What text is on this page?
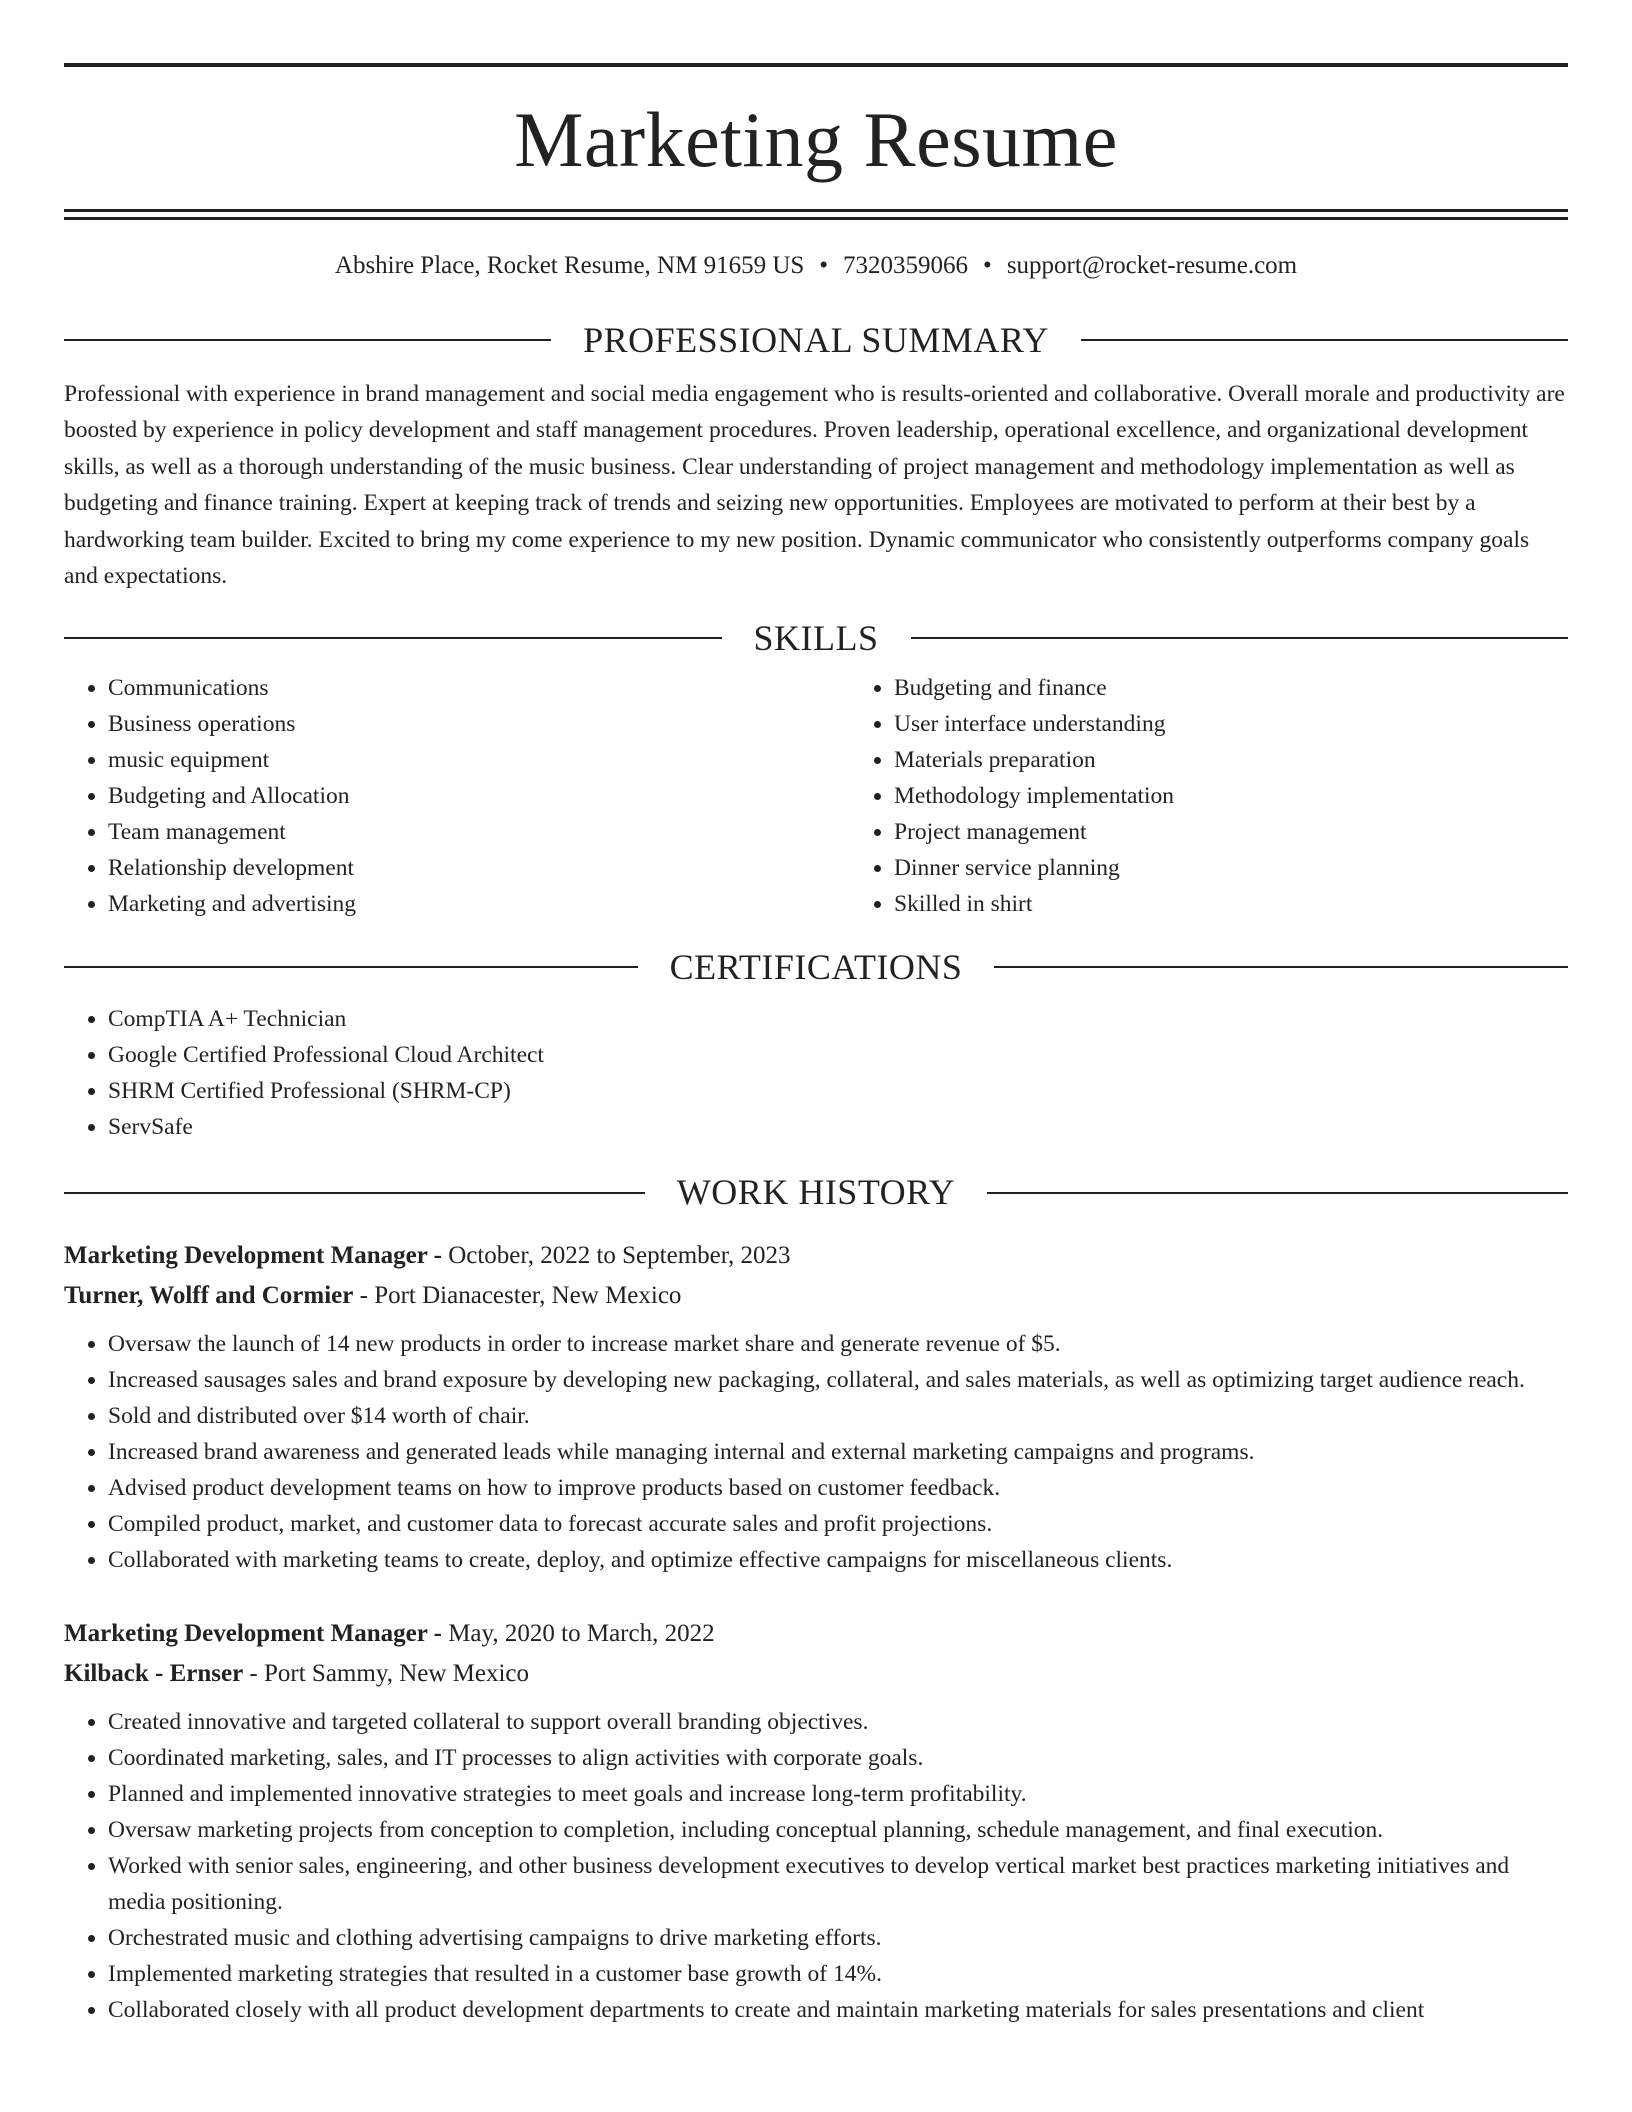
Marketing Resume
Abshire Place, Rocket Resume, NM 91659 US • 7320359066 • support@rocket-resume.com
PROFESSIONAL SUMMARY

Professional with experience in brand management and social media engagement who is results-oriented and collaborative. Overall morale and productivity are boosted by experience in policy development and staff management procedures. Proven leadership, operational excellence, and organizational development skills, as well as a thorough understanding of the music business. Clear understanding of project management and methodology implementation as well as budgeting and finance training. Expert at keeping track of trends and seizing new opportunities. Employees are motivated to perform at their best by a hardworking team builder. Excited to bring my come experience to my new position. Dynamic communicator who consistently outperforms company goals and expectations.

SKILLS
• Communications
• Business operations
• music equipment
• Budgeting and Allocation
• Team management
• Relationship development
• Marketing and advertising
• Budgeting and finance
• User interface understanding
• Materials preparation
• Methodology implementation
• Project management
• Dinner service planning
• Skilled in shirt
CERTIFICATIONS
• CompTIA A+ Technician
• Google Certified Professional Cloud Architect
• SHRM Certified Professional (SHRM-CP)
• ServSafe
WORK HISTORY
Marketing Development Manager - October, 2022 to September, 2023
Turner, Wolff and Cormier - Port Dianacester, New Mexico
• Oversaw the launch of 14 new products in order to increase market share and generate revenue of $5.
• Increased sausages sales and brand exposure by developing new packaging, collateral, and sales materials, as well as optimizing target audience reach.
• Sold and distributed over $14 worth of chair.
• Increased brand awareness and generated leads while managing internal and external marketing campaigns and programs.
• Advised product development teams on how to improve products based on customer feedback.
• Compiled product, market, and customer data to forecast accurate sales and profit projections.
• Collaborated with marketing teams to create, deploy, and optimize effective campaigns for miscellaneous clients.
Marketing Development Manager - May, 2020 to March, 2022
Kilback - Ernser - Port Sammy, New Mexico
• Created innovative and targeted collateral to support overall branding objectives.
• Coordinated marketing, sales, and IT processes to align activities with corporate goals.
• Planned and implemented innovative strategies to meet goals and increase long-term profitability.
• Oversaw marketing projects from conception to completion, including conceptual planning, schedule management, and final execution.
• Worked with senior sales, engineering, and other business development executives to develop vertical market best practices marketing initiatives and media positioning.
• Orchestrated music and clothing advertising campaigns to drive marketing efforts.
• Implemented marketing strategies that resulted in a customer base growth of 14%.
• Collaborated closely with all product development departments to create and maintain marketing materials for sales presentations and client
